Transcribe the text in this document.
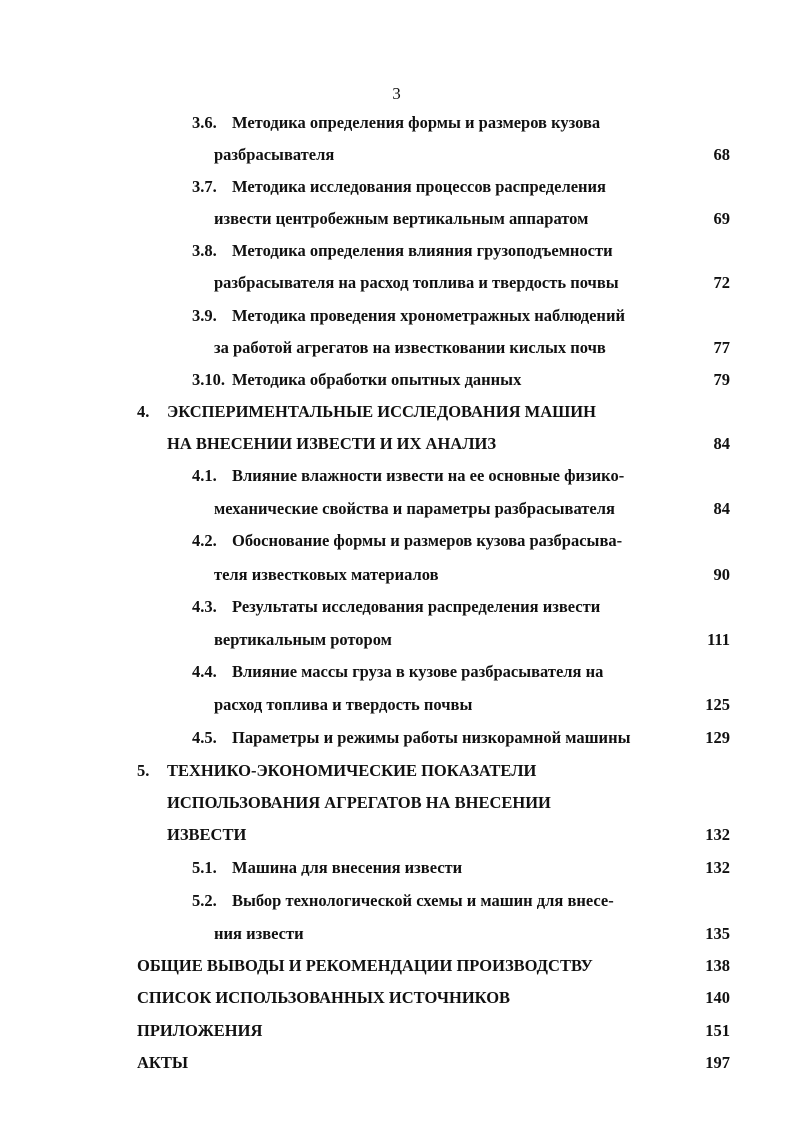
3
3.6. Методика определения формы и размеров кузова
разбрасывателя	68
3.7. Методика исследования процессов распределения
извести центробежным вертикальным аппаратом	69
3.8. Методика определения влияния грузоподъемности
разбрасывателя на расход топлива и твердость почвы	72
3.9. Методика проведения хронометражных наблюдений
за работой агрегатов на известковании кислых почв	77
3.10. Методика обработки опытных данных	79
4. ЭКСПЕРИМЕНТАЛЬНЫЕ ИССЛЕДОВАНИЯ МАШИН
НА ВНЕСЕНИИ ИЗВЕСТИ И ИХ АНАЛИЗ	84
4.1. Влияние влажности извести на ее основные физико-
механические свойства и параметры разбрасывателя	84
4.2. Обоснование формы и размеров кузова разбрасыва-
теля известковых материалов	90
4.3. Результаты исследования распределения извести
вертикальным ротором	111
4.4. Влияние массы груза в кузове разбрасывателя на
расход топлива и твердость почвы	125
4.5. Параметры и режимы работы низкорамной машины	129
5. ТЕХНИКО-ЭКОНОМИЧЕСКИЕ ПОКАЗАТЕЛИ
ИСПОЛЬЗОВАНИЯ АГРЕГАТОВ НА ВНЕСЕНИИ
ИЗВЕСТИ	132
5.1. Машина для внесения извести	132
5.2. Выбор технологической схемы и машин для внесе-
ния извести	135
ОБЩИЕ ВЫВОДЫ И РЕКОМЕНДАЦИИ ПРОИЗВОДСТВУ	138
СПИСОК ИСПОЛЬЗОВАННЫХ ИСТОЧНИКОВ	140
ПРИЛОЖЕНИЯ	151
АКТЫ	197
